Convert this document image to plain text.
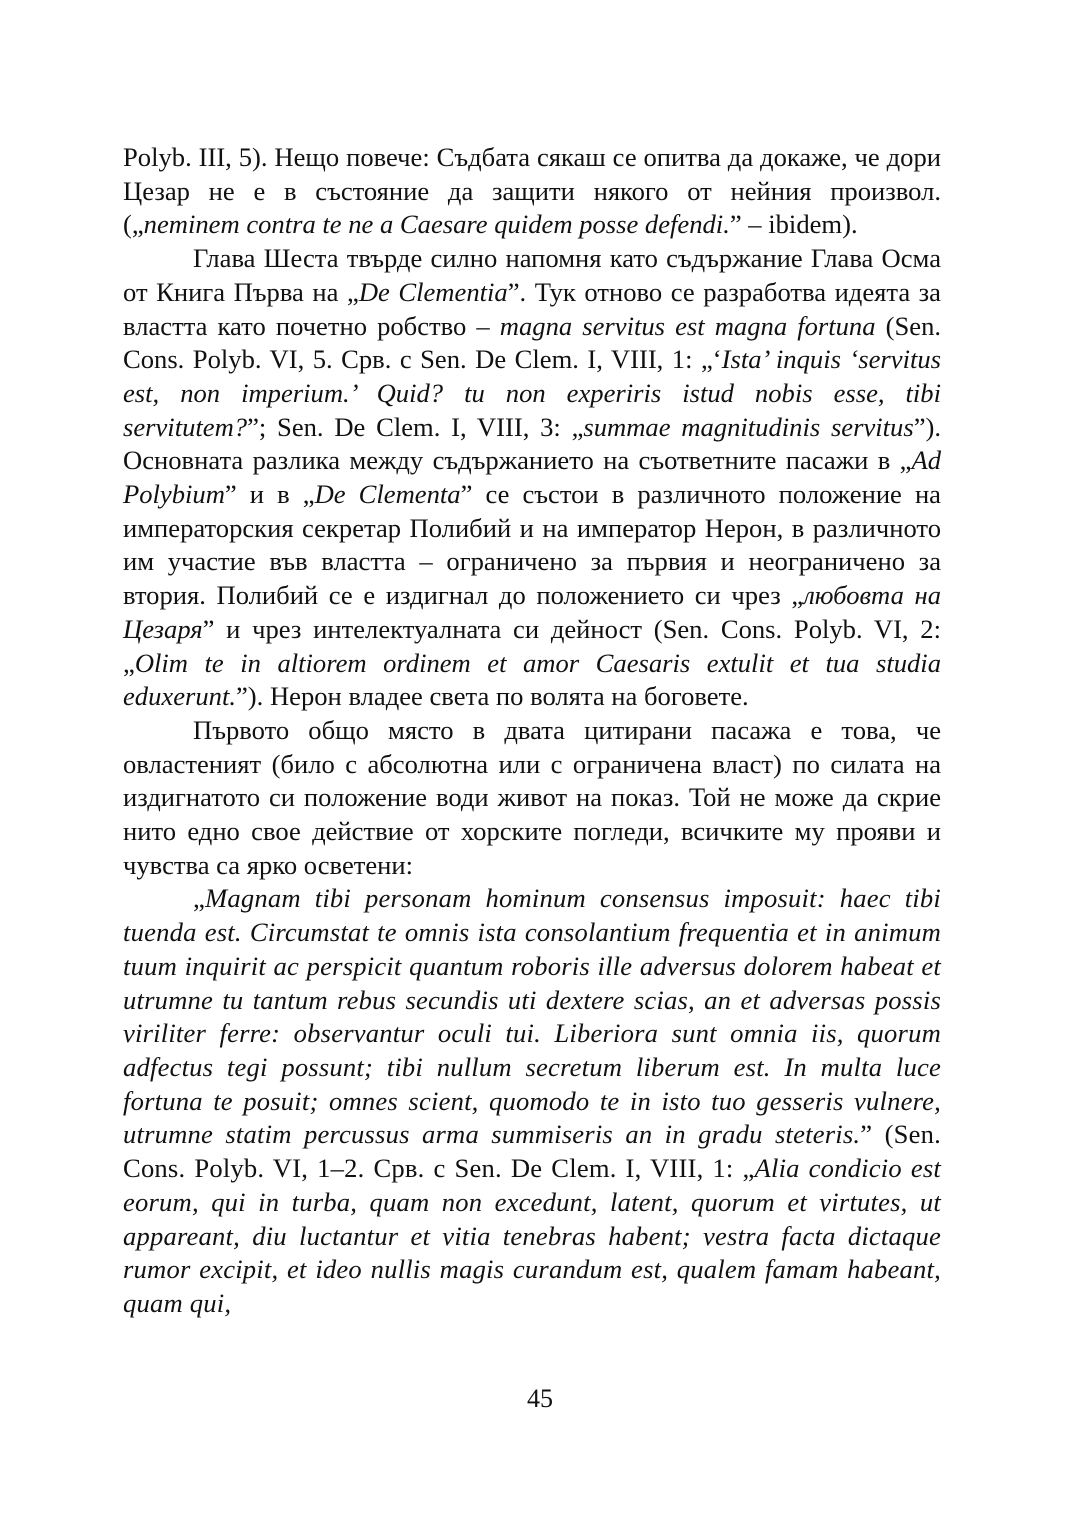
Polyb. III, 5). Нещо повече: Съдбата сякаш се опитва да докаже, че дори Цезар не е в състояние да защити някого от нейния произвол. („neminem contra te ne a Caesare quidem posse defendi.” – ibidem).

Глава Шеста твърде силно напомня като съдържание Глава Осма от Книга Първа на „De Clementia”. Тук отново се разработва идеята за властта като почетно робство – magna servitus est magna fortuna (Sen. Cons. Polyb. VI, 5. Срв. с Sen. De Clem. I, VIII, 1: „‘Ista’ inquis ‘servitus est, non imperium.’ Quid? tu non experiris istud nobis esse, tibi servitutem?”; Sen. De Clem. I, VIII, 3: „summae magnitudinis servitus”). Основната разлика между съдържанието на съответните пасажи в „Ad Polybium” и в „De Clementa” се състои в различното положение на императорския секретар Полибий и на император Нерон, в различното им участие във властта – ограничено за първия и неограничено за втория. Полибий се е издигнал до положението си чрез „любовта на Цезаря” и чрез интелектуалната си дейност (Sen. Cons. Polyb. VI, 2: „Olim te in altiorem ordinem et amor Caesaris extulit et tua studia eduxerunt.”). Нерон владее света по волята на боговете.

Първото общо място в двата цитирани пасажа е това, че овластеният (било с абсолютна или с ограничена власт) по силата на издигнатото си положение води живот на показ. Той не може да скрие нито едно свое действие от хорските погледи, всичките му прояви и чувства са ярко осветени:

„Magnam tibi personam hominum consensus imposuit: haec tibi tuenda est. Circumstat te omnis ista consolantium frequentia et in animum tuum inquirit ac perspicit quantum roboris ille adversus dolorem habeat et utrumne tu tantum rebus secundis uti dextere scias, an et adversas possis viriliter ferre: observantur oculi tui. Liberiora sunt omnia iis, quorum adfectus tegi possunt; tibi nullum secretum liberum est. In multa luce fortuna te posuit; omnes scient, quomodo te in isto tuo gesseris vulnere, utrumne statim percussus arma summiseris an in gradu steteris.” (Sen. Cons. Polyb. VI, 1–2. Срв. с Sen. De Clem. I, VIII, 1: „Alia condicio est eorum, qui in turba, quam non excedunt, latent, quorum et virtutes, ut appareant, diu luctantur et vitia tenebras habent; vestra facta dictaque rumor excipit, et ideo nullis magis curandum est, qualem famam habeant, quam qui,

45
